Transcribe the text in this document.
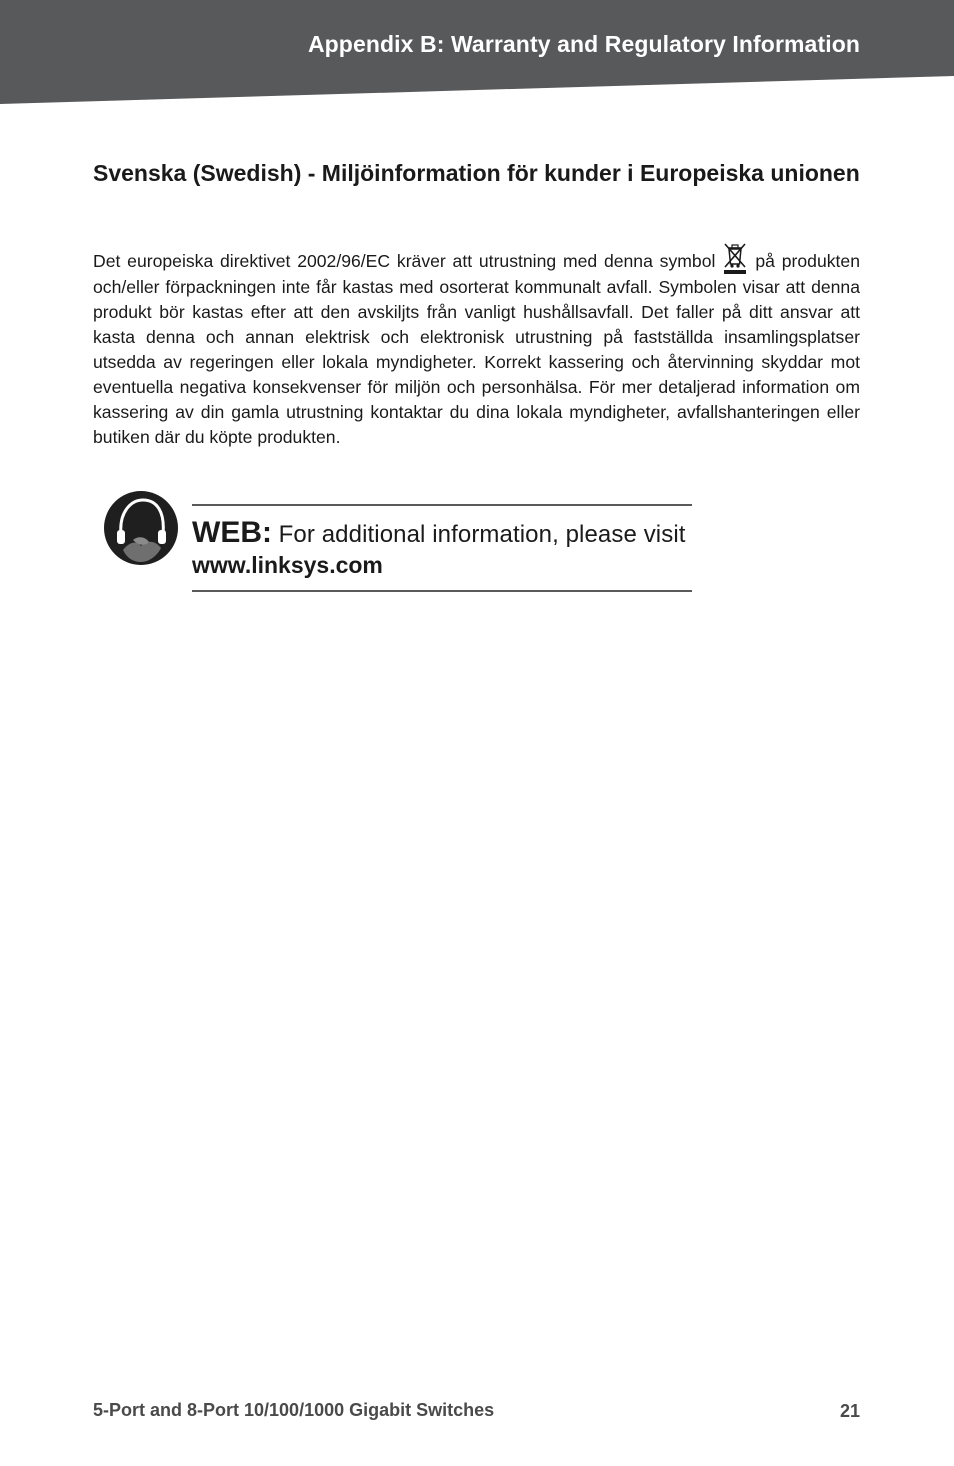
Appendix B: Warranty and Regulatory Information
Svenska (Swedish) - Miljöinformation för kunder i Europeiska unionen

Det europeiska direktivet 2002/96/EC kräver att utrustning med denna symbol på produkten och/eller förpackningen inte får kastas med osorterat kommunalt avfall. Symbolen visar att denna produkt bör kastas efter att den avskiljts från vanligt hushållsavfall. Det faller på ditt ansvar att kasta denna och annan elektrisk och elektronisk utrustning på fastställda insamlingsplatser utsedda av regeringen eller lokala myndigheter. Korrekt kassering och återvinning skyddar mot eventuella negativa konsekvenser för miljön och personhälsa. För mer detaljerad information om kassering av din gamla utrustning kontaktar du dina lokala myndigheter, avfallshanteringen eller butiken där du köpte produkten.

WEB: For additional information, please visit
www.linksys.com
5-Port and 8-Port 10/100/1000 Gigabit Switches	21
